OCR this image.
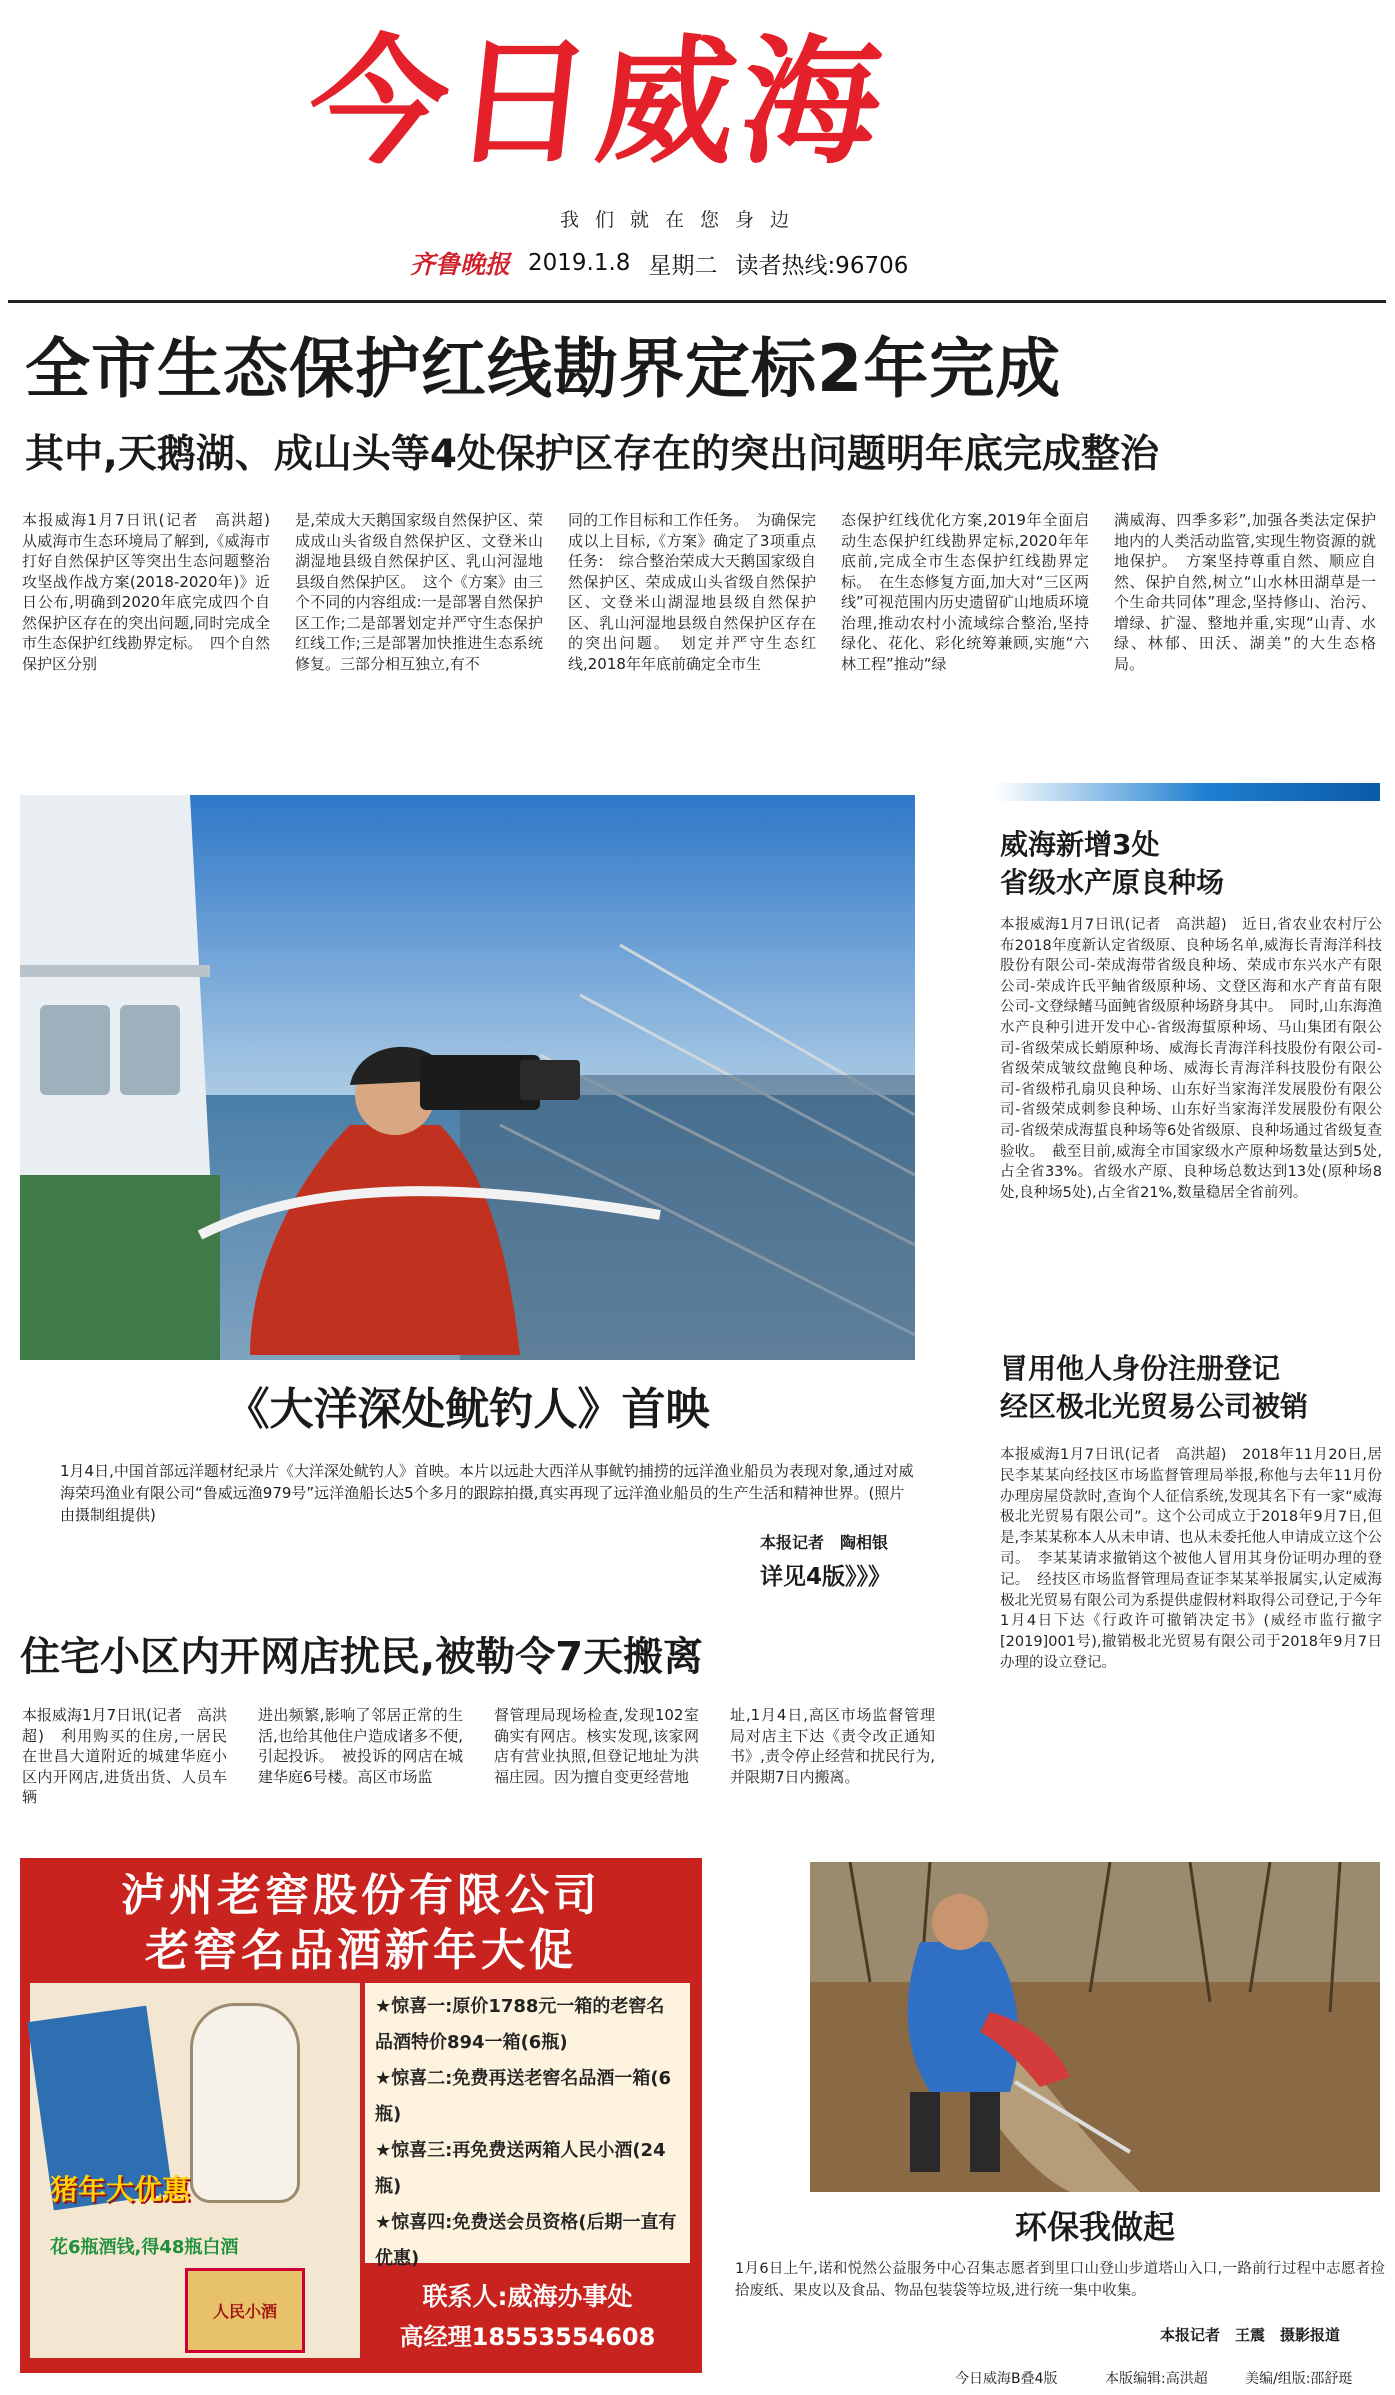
今日威海
我们就在您身边
齐鲁晚报 2019.1.8 星期二 读者热线:96706
全市生态保护红线勘界定标2年完成
其中,天鹅湖、成山头等4处保护区存在的突出问题明年底完成整治
本报威海1月7日讯(记者　高洪超)　从威海市生态环境局了解到,《威海市打好自然保护区等突出生态问题整治攻坚战作战方案(2018-2020年)》近日公布,明确到2020年底完成四个自然保护区存在的突出问题,同时完成全市生态保护红线勘界定标。　四个自然保护区分别
是,荣成大天鹅国家级自然保护区、荣成成山头省级自然保护区、文登米山湖湿地县级自然保护区、乳山河湿地县级自然保护区。　这个《方案》由三个不同的内容组成:一是部署自然保护区工作;二是部署划定并严守生态保护红线工作;三是部署加快推进生态系统修复。三部分相互独立,有不
同的工作目标和工作任务。　为确保完成以上目标,《方案》确定了3项重点任务:　综合整治荣成大天鹅国家级自然保护区、荣成成山头省级自然保护区、文登米山湖湿地县级自然保护区、乳山河湿地县级自然保护区存在的突出问题。　划定并严守生态红线,2018年年底前确定全市生
态保护红线优化方案,2019年全面启动生态保护红线勘界定标,2020年年底前,完成全市生态保护红线勘界定标。　在生态修复方面,加大对“三区两线”可视范围内历史遗留矿山地质环境治理,推动农村小流域综合整治,坚持绿化、花化、彩化统筹兼顾,实施“六林工程”推动“绿
满威海、四季多彩”,加强各类法定保护地内的人类活动监管,实现生物资源的就地保护。　方案坚持尊重自然、顺应自然、保护自然,树立“山水林田湖草是一个生命共同体”理念,坚持修山、治污、增绿、扩湿、整地并重,实现“山青、水绿、林郁、田沃、湖美”的大生态格局。
《大洋深处鱿钓人》首映
1月4日,中国首部远洋题材纪录片《大洋深处鱿钓人》首映。本片以远赴大西洋从事鱿钓捕捞的远洋渔业船员为表现对象,通过对威海荣玛渔业有限公司“鲁威远渔979号”远洋渔船长达5个多月的跟踪拍摄,真实再现了远洋渔业船员的生产生活和精神世界。(照片由摄制组提供)
本报记者　陶相银
详见4版》》》
威海新增3处
省级水产原良种场
本报威海1月7日讯(记者　高洪超)　近日,省农业农村厅公布2018年度新认定省级原、良种场名单,威海长青海洋科技股份有限公司-荣成海带省级良种场、荣成市东兴水产有限公司-荣成许氏平鲉省级原种场、文登区海和水产育苗有限公司-文登绿鳍马面鲀省级原种场跻身其中。　同时,山东海渔水产良种引进开发中心-省级海蜇原种场、马山集团有限公司-省级荣成长蛸原种场、威海长青海洋科技股份有限公司-省级荣成皱纹盘鲍良种场、威海长青海洋科技股份有限公司-省级栉孔扇贝良种场、山东好当家海洋发展股份有限公司-省级荣成刺参良种场、山东好当家海洋发展股份有限公司-省级荣成海蜇良种场等6处省级原、良种场通过省级复查验收。　截至目前,威海全市国家级水产原种场数量达到5处,占全省33%。省级水产原、良种场总数达到13处(原种场8处,良种场5处),占全省21%,数量稳居全省前列。
冒用他人身份注册登记
经区极北光贸易公司被销
本报威海1月7日讯(记者　高洪超)　2018年11月20日,居民李某某向经技区市场监督管理局举报,称他与去年11月份办理房屋贷款时,查询个人征信系统,发现其名下有一家“威海极北光贸易有限公司”。这个公司成立于2018年9月7日,但是,李某某称本人从未申请、也从未委托他人申请成立这个公司。　李某某请求撤销这个被他人冒用其身份证明办理的登记。　经技区市场监督管理局查证李某某举报属实,认定威海极北光贸易有限公司为系提供虚假材料取得公司登记,于今年1月4日下达《行政许可撤销决定书》(威经市监行撤字[2019]001号),撤销极北光贸易有限公司于2018年9月7日办理的设立登记。
住宅小区内开网店扰民,被勒令7天搬离
本报威海1月7日讯(记者　高洪超)　利用购买的住房,一居民在世昌大道附近的城建华庭小区内开网店,进货出货、人员车辆
进出频繁,影响了邻居正常的生活,也给其他住户造成诸多不便,引起投诉。　被投诉的网店在城建华庭6号楼。高区市场监
督管理局现场检查,发现102室确实有网店。核实发现,该家网店有营业执照,但登记地址为洪福庄园。因为擅自变更经营地
址,1月4日,高区市场监督管理局对店主下达《责令改正通知书》,责令停止经营和扰民行为,并限期7日内搬离。
泸州老窖股份有限公司
老窖名品酒新年大促
猪年大优惠
花6瓶酒钱,得48瓶白酒
人民小酒
★惊喜一:原价1788元一箱的老窖名品酒特价894一箱(6瓶)
★惊喜二:免费再送老窖名品酒一箱(6瓶)
★惊喜三:再免费送两箱人民小酒(24瓶)
★惊喜四:免费送会员资格(后期一直有优惠)
联系人:威海办事处
高经理18553554608
环保我做起
1月6日上午,诺和悦然公益服务中心召集志愿者到里口山登山步道塔山入口,一路前行过程中志愿者捡拾废纸、果皮以及食品、物品包装袋等垃圾,进行统一集中收集。
本报记者　王震　摄影报道
今日威海B叠4版	本版编辑:高洪超	美编/组版:邵舒珽
